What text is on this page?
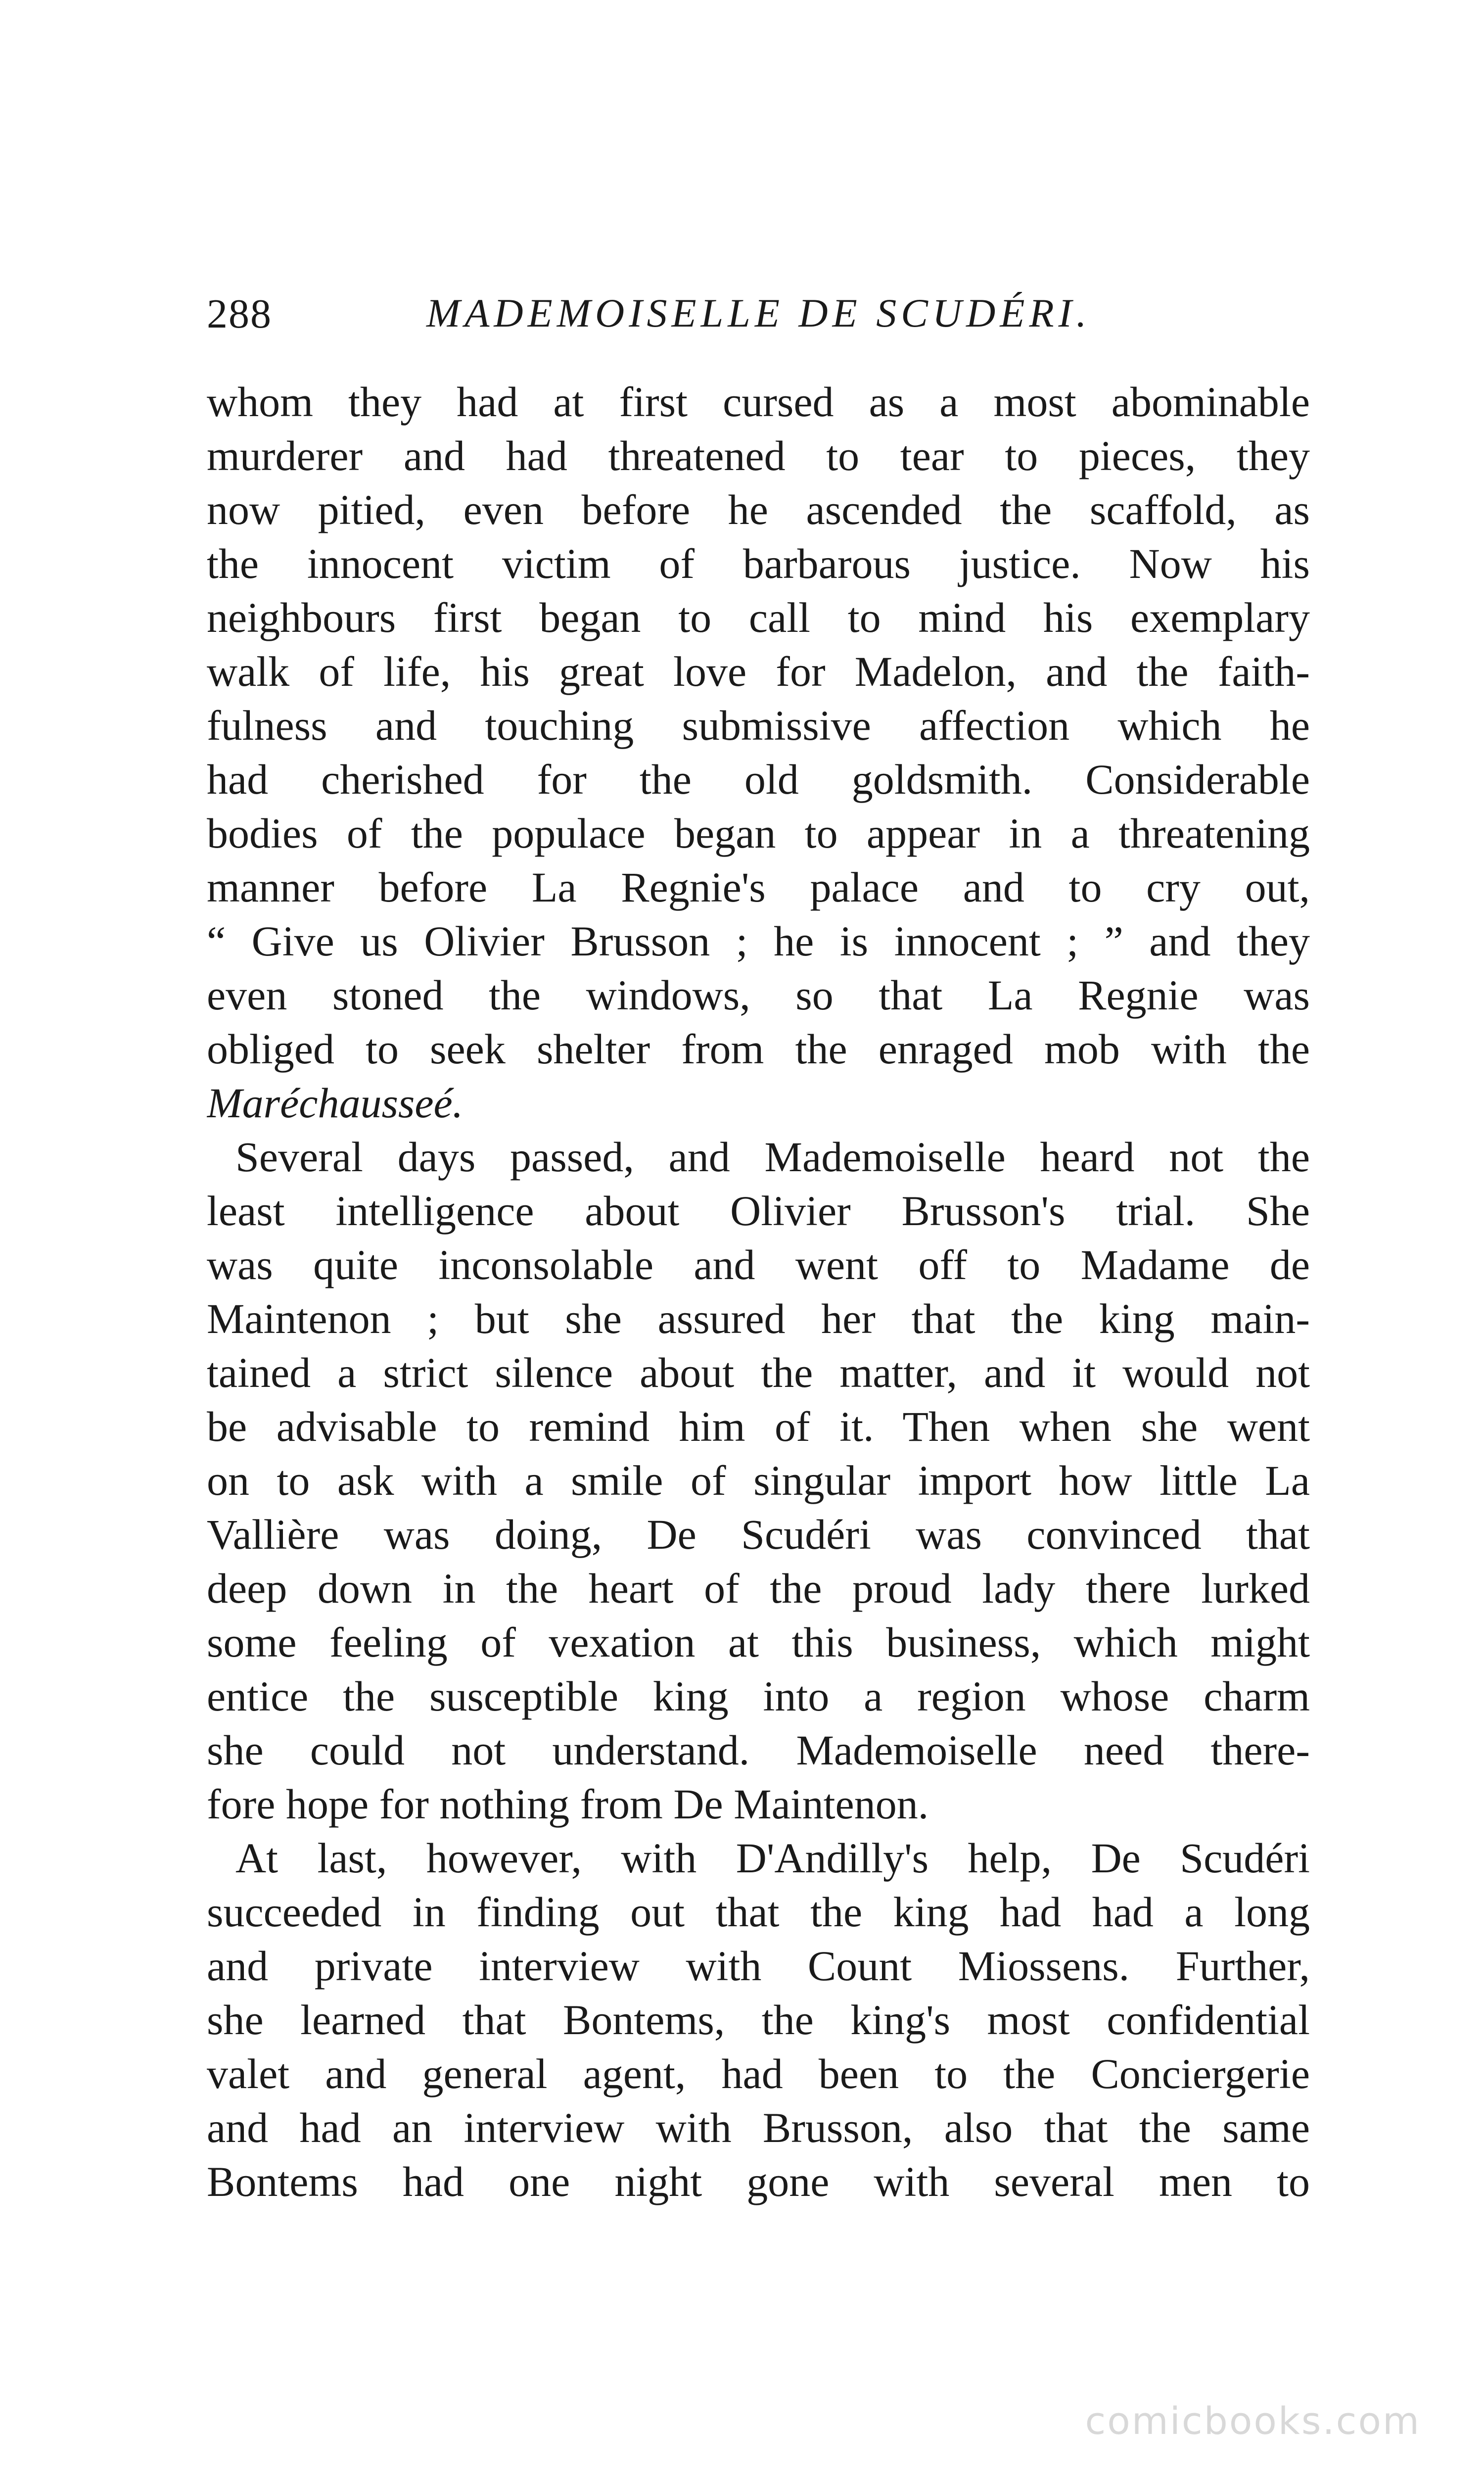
288	MADEMOISELLE DE SCUDÉRI.
whom they had at first cursed as a most abominable
murderer and had threatened to tear to pieces, they
now pitied, even before he ascended the scaffold, as
the innocent victim of barbarous justice. Now his
neighbours first began to call to mind his exemplary
walk of life, his great love for Madelon, and the faith-
fulness and touching submissive affection which he
had cherished for the old goldsmith. Considerable
bodies of the populace began to appear in a threatening
manner before La Regnie's palace and to cry out,
“ Give us Olivier Brusson ; he is innocent ; ” and they
even stoned the windows, so that La Regnie was
obliged to seek shelter from the enraged mob with the
Maréchausseé.
Several days passed, and Mademoiselle heard not the
least intelligence about Olivier Brusson's trial. She
was quite inconsolable and went off to Madame de
Maintenon ; but she assured her that the king main-
tained a strict silence about the matter, and it would not
be advisable to remind him of it. Then when she went
on to ask with a smile of singular import how little La
Vallière was doing, De Scudéri was convinced that
deep down in the heart of the proud lady there lurked
some feeling of vexation at this business, which might
entice the susceptible king into a region whose charm
she could not understand. Mademoiselle need there-
fore hope for nothing from De Maintenon.
At last, however, with D'Andilly's help, De Scudéri
succeeded in finding out that the king had had a long
and private interview with Count Miossens. Further,
she learned that Bontems, the king's most confidential
valet and general agent, had been to the Conciergerie
and had an interview with Brusson, also that the same
Bontems had one night gone with several men to
comicbooks.com
